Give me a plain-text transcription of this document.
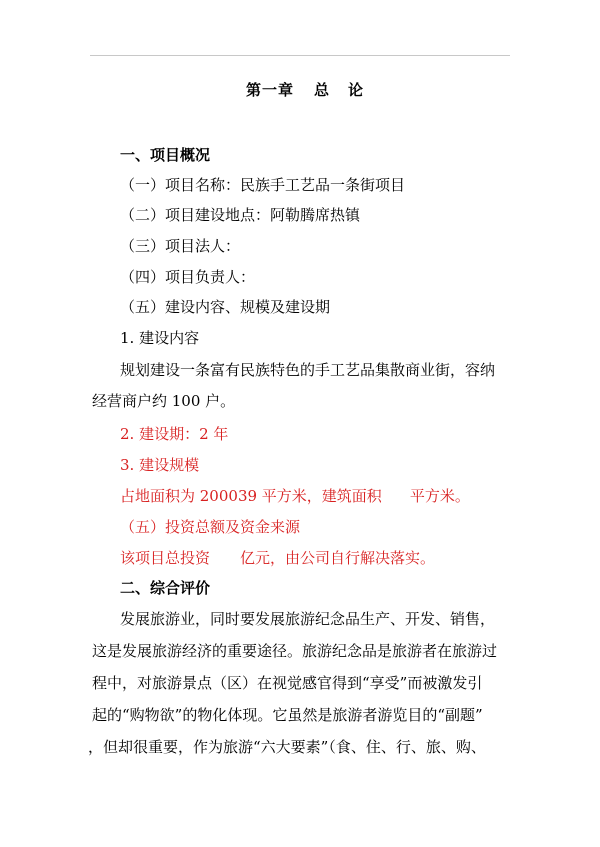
第一章 总 论
一、项目概况
（一）项目名称：民族手工艺品一条街项目
（二）项目建设地点：阿勒腾席热镇
（三）项目法人：
（四）项目负责人：
（五）建设内容、规模及建设期
1. 建设内容
规划建设一条富有民族特色的手工艺品集散商业街，容纳
经营商户约 100 户。
2. 建设期：2 年
3. 建设规模
占地面积为 200039 平方米，建筑面积 平方米。
（五）投资总额及资金来源
该项目总投资 亿元，由公司自行解决落实。
二、综合评价
发展旅游业，同时要发展旅游纪念品生产、开发、销售，
这是发展旅游经济的重要途径。旅游纪念品是旅游者在旅游过
程中，对旅游景点（区）在视觉感官得到“享受”而被激发引
起的“购物欲”的物化体现。它虽然是旅游者游览目的“副题”
，但却很重要，作为旅游“六大要素”（食、住、行、旅、购、
